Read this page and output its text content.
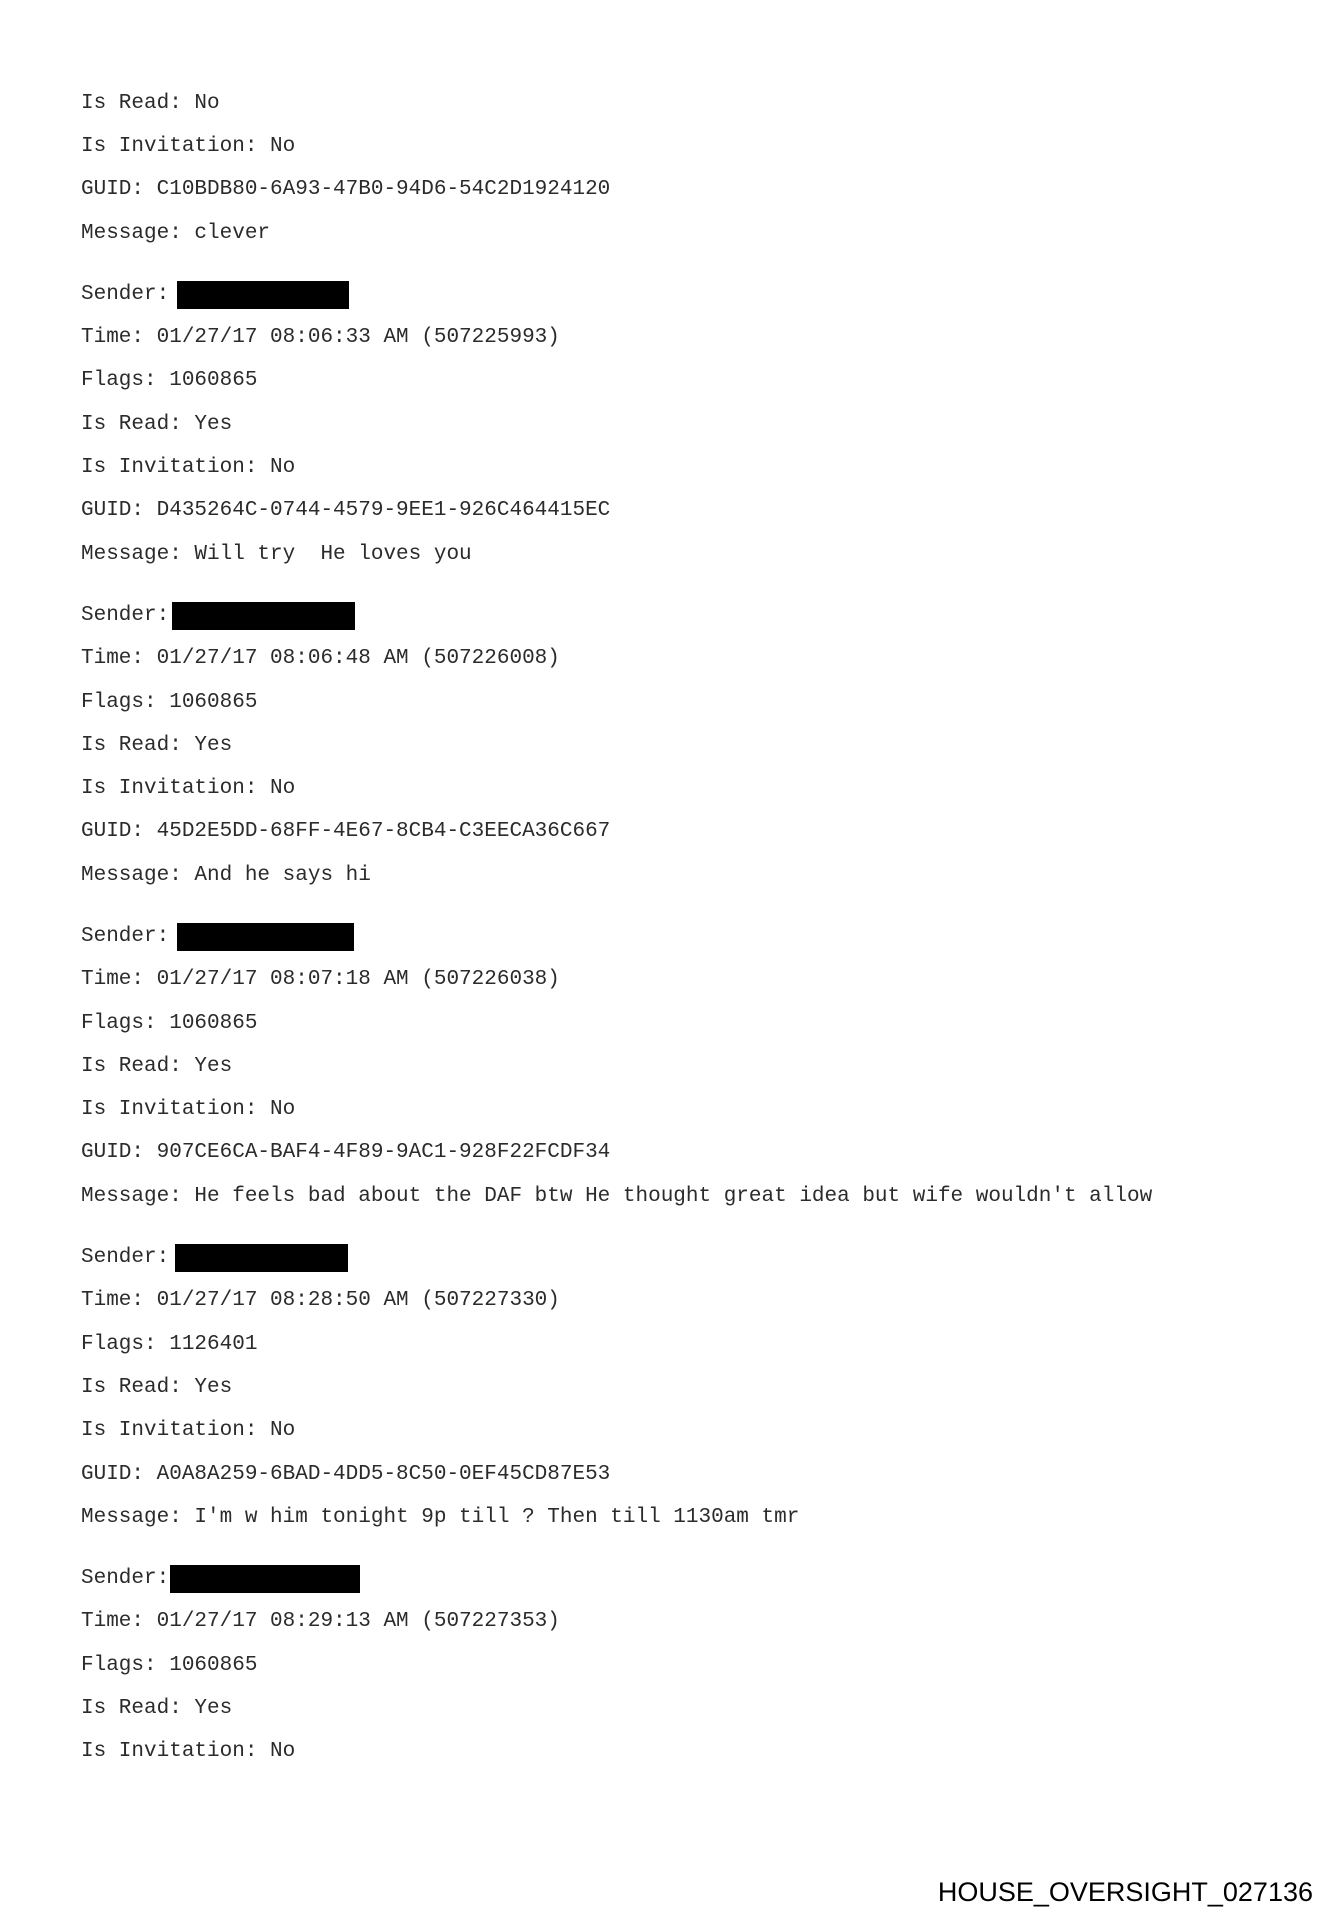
Is Read: No
Is Invitation: No
GUID: C10BDB80-6A93-47B0-94D6-54C2D1924120
Message: clever
Sender:
Time: 01/27/17 08:06:33 AM (507225993)
Flags: 1060865
Is Read: Yes
Is Invitation: No
GUID: D435264C-0744-4579-9EE1-926C464415EC
Message: Will try  He loves you
Sender:
Time: 01/27/17 08:06:48 AM (507226008)
Flags: 1060865
Is Read: Yes
Is Invitation: No
GUID: 45D2E5DD-68FF-4E67-8CB4-C3EECA36C667
Message: And he says hi
Sender:
Time: 01/27/17 08:07:18 AM (507226038)
Flags: 1060865
Is Read: Yes
Is Invitation: No
GUID: 907CE6CA-BAF4-4F89-9AC1-928F22FCDF34
Message: He feels bad about the DAF btw He thought great idea but wife wouldn't allow
Sender:
Time: 01/27/17 08:28:50 AM (507227330)
Flags: 1126401
Is Read: Yes
Is Invitation: No
GUID: A0A8A259-6BAD-4DD5-8C50-0EF45CD87E53
Message: I'm w him tonight 9p till ? Then till 1130am tmr
Sender:
Time: 01/27/17 08:29:13 AM (507227353)
Flags: 1060865
Is Read: Yes
Is Invitation: No
HOUSE_OVERSIGHT_027136
